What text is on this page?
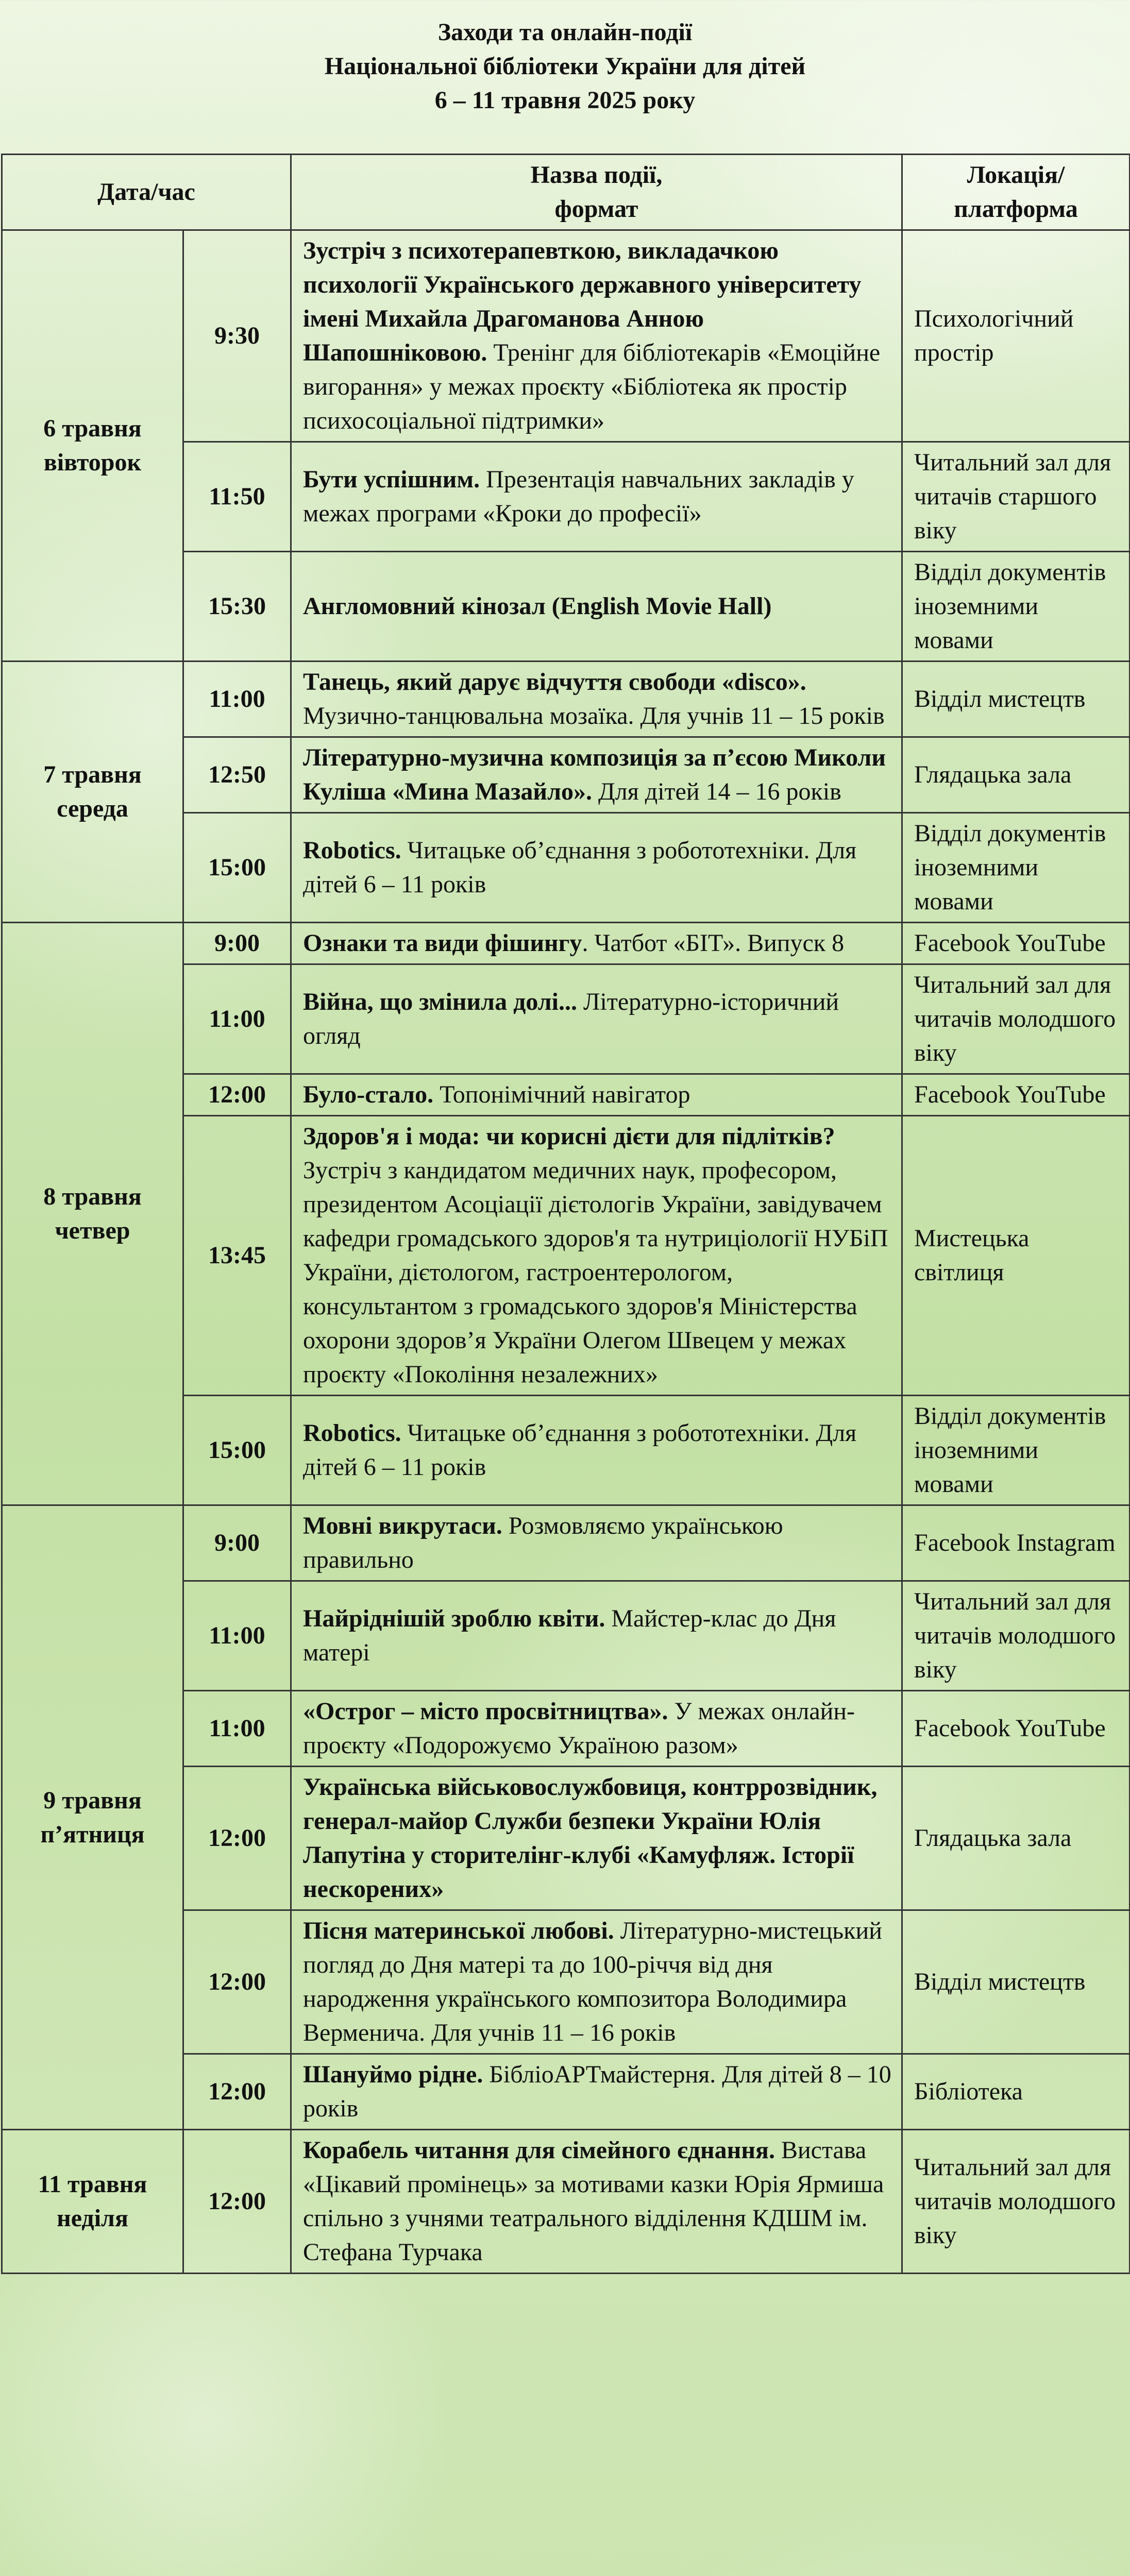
Заходи та онлайн-події
Національної бібліотеки України для дітей
6 – 11 травня 2025 року
Дата/час		Назва події,
формат	Локація/ платформа

6 травня
вівторок	9:30	Зустріч з психотерапевткою, викладачкою психології Українського державного університету імені Михайла Драгоманова Анною Шапошніковою. Тренінг для бібліотекарів «Емоційне вигорання» у межах проєкту «Бібліотека як простір психосоціальної підтримки»	Психологічний простір
	11:50	Бути успішним. Презентація навчальних закладів у межах програми «Кроки до професії»	Читальний зал для читачів старшого віку
	15:30	Англомовний кінозал (English Movie Hall)	Відділ документів іноземними мовами

7 травня
середа	11:00	Танець, який дарує відчуття свободи «disco». Музично-танцювальна мозаїка. Для учнів 11 – 15 років	Відділ мистецтв
	12:50	Літературно-музична композиція за п’єсою Миколи Куліша «Мина Мазайло». Для дітей 14 – 16 років	Глядацька зала
	15:00	Robotics. Читацьке об’єднання з робототехніки. Для дітей 6 – 11 років	Відділ документів іноземними мовами

8 травня
четвер	9:00	Ознаки та види фішингу. Чатбот «БІТ». Випуск 8	Facebook YouTube
	11:00	Війна, що змінила долі... Літературно-історичний огляд	Читальний зал для читачів молодшого віку
	12:00	Було-стало. Топонімічний навігатор	Facebook YouTube
	13:45	Здоров'я і мода: чи корисні дієти для підлітків? Зустріч з кандидатом медичних наук, професором, президентом Асоціації дієтологів України, завідувачем кафедри громадського здоров'я та нутриціології НУБіП України, дієтологом, гастроентерологом, консультантом з громадського здоров'я Міністерства охорони здоров’я України Олегом Швецем у межах проєкту «Покоління незалежних»	Мистецька світлиця
	15:00	Robotics. Читацьке об’єднання з робототехніки. Для дітей 6 – 11 років	Відділ документів іноземними мовами

9 травня
п’ятниця	9:00	Мовні викрутаси. Розмовляємо українською правильно	Facebook Instagram
	11:00	Найріднішій зроблю квіти. Майстер-клас до Дня матері	Читальний зал для читачів молодшого віку
	11:00	«Острог – місто просвітництва». У межах онлайн-проєкту «Подорожуємо Україною разом»	Facebook YouTube
	12:00	Українська військовослужбовиця, контррозвідник, генерал-майор Служби безпеки України Юлія Лапутіна у сторителінг-клубі «Камуфляж. Історії нескорених»	Глядацька зала
	12:00	Пісня материнської любові. Літературно-мистецький погляд до Дня матері та до 100-річчя від дня народження українського композитора Володимира Верменича. Для учнів 11 – 16 років	Відділ мистецтв
	12:00	Шануймо рідне. БібліоАРТмайстерня. Для дітей 8 – 10 років	Бібліотека

11 травня
неділя	12:00	Корабель читання для сімейного єднання. Вистава «Цікавий промінець» за мотивами казки Юрія Ярмиша спільно з учнями театрального відділення КДШМ ім. Стефана Турчака	Читальний зал для читачів молодшого віку
